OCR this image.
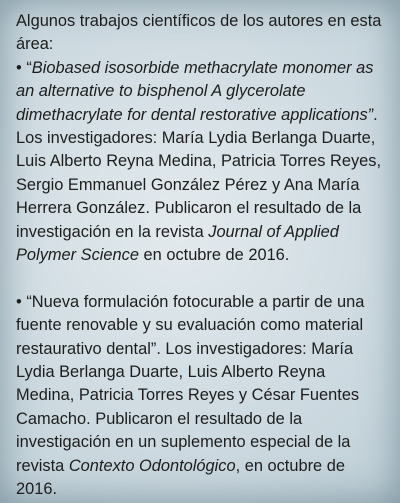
Algunos trabajos científicos de los autores en esta área:

• “Biobased isosorbide methacrylate monomer as an alternative to bisphenol A glycerolate dimethacrylate for dental restorative applications”. Los investigadores: María Lydia Berlanga Duarte, Luis Alberto Reyna Medina, Patricia Torres Reyes, Sergio Emmanuel González Pérez y Ana María Herrera González. Publicaron el resultado de la investigación en la revista Journal of Applied Polymer Science en octubre de 2016.

• “Nueva formulación fotocurable a partir de una fuente renovable y su evaluación como material restaurativo dental”. Los investigadores: María Lydia Berlanga Duarte, Luis Alberto Reyna Medina, Patricia Torres Reyes y César Fuentes Camacho. Publicaron el resultado de la investigación en un suplemento especial de la revista Contexto Odontológico, en octubre de 2016.
